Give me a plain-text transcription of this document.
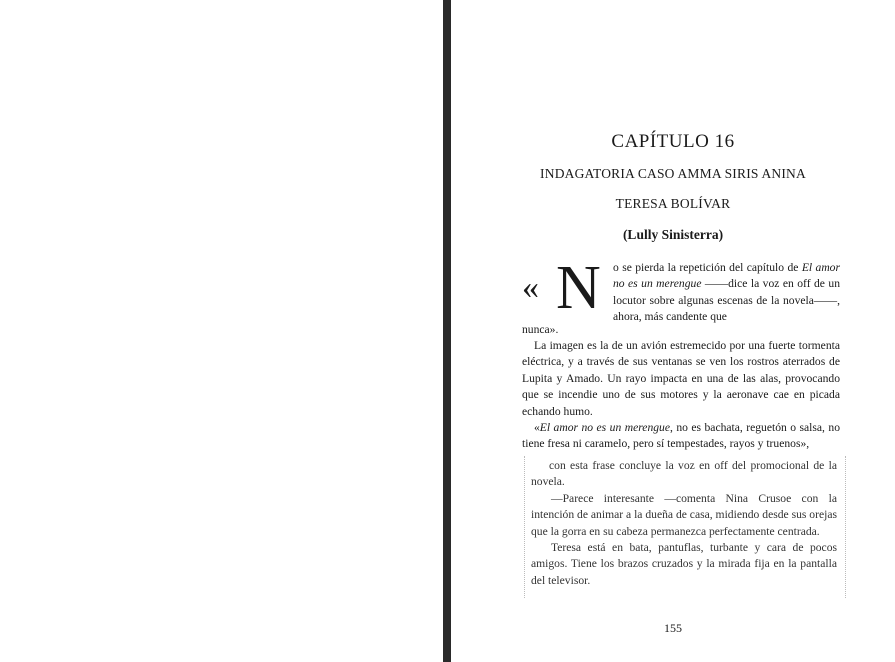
CAPÍTULO 16
INDAGATORIA CASO AMMA SIRIS ANINA
TERESA BOLÍVAR
(Lully Sinisterra)
« N o se pierda la repetición del capítulo de El amor no es un merengue ——dice la voz en off de un locutor sobre algunas escenas de la novela——, ahora, más candente que
nunca».

La imagen es la de un avión estremecido por una fuerte tormenta eléctrica, y a través de sus ventanas se ven los rostros aterrados de Lupita y Amado. Un rayo impacta en una de las alas, provocando que se incendie uno de sus motores y la aeronave cae en picada echando humo.

«El amor no es un merengue, no es bachata, reguetón o salsa, no tiene fresa ni caramelo, pero sí tempestades, rayos y truenos»,

con esta frase concluye la voz en off del promocional de la novela.

—Parece interesante —comenta Nina Crusoe con la intención de animar a la dueña de casa, midiendo desde sus orejas que la gorra en su cabeza permanezca perfectamente centrada.

Teresa está en bata, pantuflas, turbante y cara de pocos amigos. Tiene los brazos cruzados y la mirada fija en la pantalla del televisor.

155
